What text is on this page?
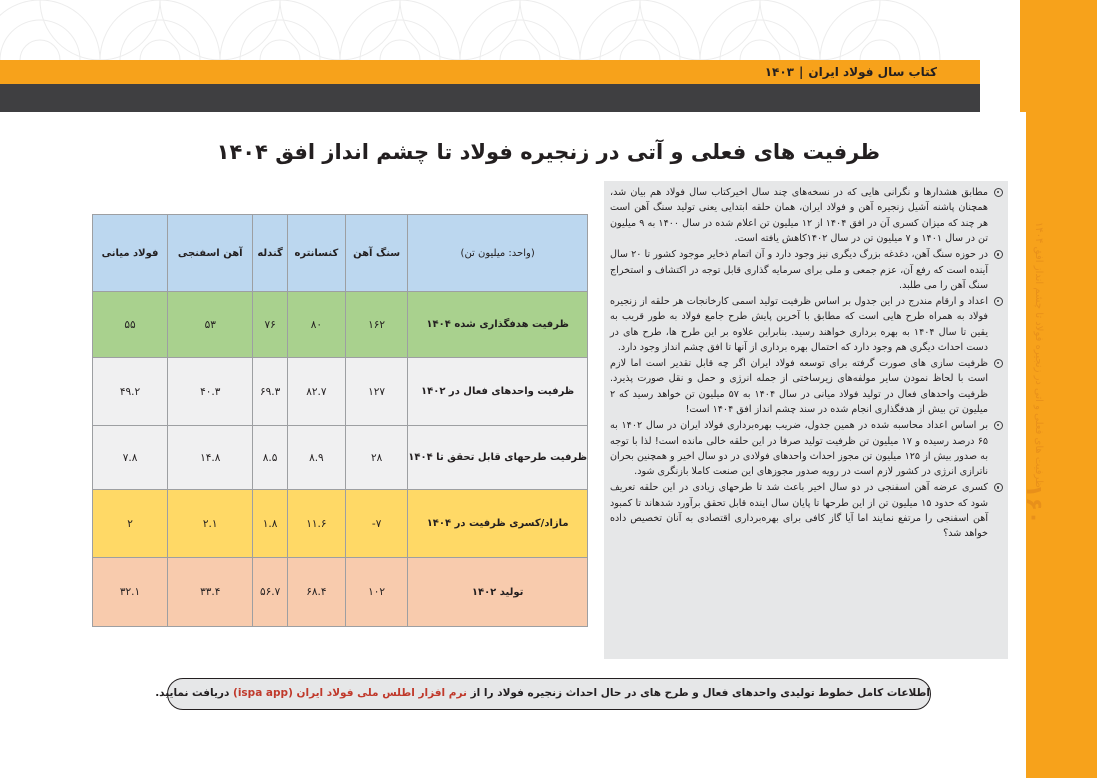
کتاب سال فولاد ایران|۱۴۰۳
ظرفیت های فعلی و آتی در زنجیره فولاد تا چشم انداز افق ۱۴۰۴
۱۶۰
ظرفیت های فعلی و آتی در زنجیره فولاد تا چشم انداز افق ۱۴۰۴
مطابق هشدارها و نگرانی هایی که در نسخه‌های چند سال اخیرکتاب سال فولاد هم بیان شد، همچنان پاشنه آشیل زنجیره آهن و فولاد ایران، همان حلقه ابتدایی یعنی تولید سنگ آهن است هر چند که میزان کسری آن در افق ۱۴۰۴ از ۱۲ میلیون تن اعلام شده در سال ۱۴۰۰ به ۹ میلیون تن در سال ۱۴۰۱ و ۷ میلیون تن در سال ۱۴۰۲کاهش یافته است.
در حوزه سنگ آهن، دغدغه بزرگ دیگری نیز وجود دارد و آن اتمام ذخایر موجود کشور تا ۲۰ سال آینده است که رفع آن، عزم جمعی و ملی برای سرمایه گذاری قابل توجه در اکتشاف و استخراج سنگ آهن را می طلبد.
اعداد و ارقام مندرج در این جدول بر اساس ظرفیت تولید اسمی کارخانجات هر حلقه از زنجیره فولاد به همراه طرح هایی است که مطابق با آخرین پایش طرح جامع فولاد به طور قریب به یقین تا سال ۱۴۰۴ به بهره برداری خواهند رسید. بنابراین علاوه بر این طرح ها، طرح های در دست احداث دیگری هم وجود دارد که احتمال بهره برداری از آنها تا افق چشم انداز وجود دارد.
ظرفیت سازی های صورت گرفته برای توسعه فولاد ایران اگر چه قابل تقدیر است اما لازم است با لحاظ نمودن سایر مولفه‌های زیرساختی از جمله انرژی و حمل و نقل صورت پذیرد. ظرفیت واحدهای فعال در تولید فولاد میانی در سال ۱۴۰۴ به ۵۷ میلیون تن خواهد رسید که ۲ میلیون تن بیش از هدفگذاری انجام شده در سند چشم انداز افق ۱۴۰۴ است!
بر اساس اعداد محاسبه شده در همین جدول، ضریب بهره‌برداری فولاد ایران در سال ۱۴۰۲ به ۶۵ درصد رسیده و ۱۷ میلیون تن ظرفیت تولید صرفا در این حلقه خالی مانده است! لذا با توجه به صدور بیش از ۱۲۵ میلیون تن مجوز احداث واحدهای فولادی در دو سال اخیر و همچنین بحران ناترازی انرژی در کشور لازم است در رویه صدور مجوزهای این صنعت کاملا بازنگری شود.
کسری عرضه آهن اسفنجی در دو سال اخیر باعث شد تا طرحهای زیادی در این حلقه تعریف شود که حدود ۱۵ میلیون تن از این طرحها تا پایان سال اینده قابل تحقق برآورد شدهاند تا کمبود آهن اسفنجی را مرتفع نمایند اما آیا گاز کافی برای بهره‌برداری اقتصادی به آنان تخصیص داده خواهد شد؟
(واحد: میلیون تن)	سنگ آهن	کنسانتره	گندله	آهن اسفنجی	فولاد میانی
ظرفیت هدفگذاری شده ۱۴۰۴	۱۶۲	۸۰	۷۶	۵۳	۵۵
ظرفیت واحدهای فعال در ۱۴۰۲	۱۲۷	۸۲.۷	۶۹.۳	۴۰.۳	۴۹.۲
ظرفیت طرحهای قابل تحقق تا ۱۴۰۴	۲۸	۸.۹	۸.۵	۱۴.۸	۷.۸
مازاد/کسری ظرفیت در ۱۴۰۴	۷-	۱۱.۶	۱.۸	۲.۱	۲
تولید ۱۴۰۲	۱۰۲	۶۸.۴	۵۶.۷	۳۳.۴	۳۲.۱
اطلاعات کامل خطوط تولیدی واحدهای فعال و طرح های در حال احداث زنجیره فولاد را از نرم افزار اطلس ملی فولاد ایران (ispa app) دریافت نمایید.
